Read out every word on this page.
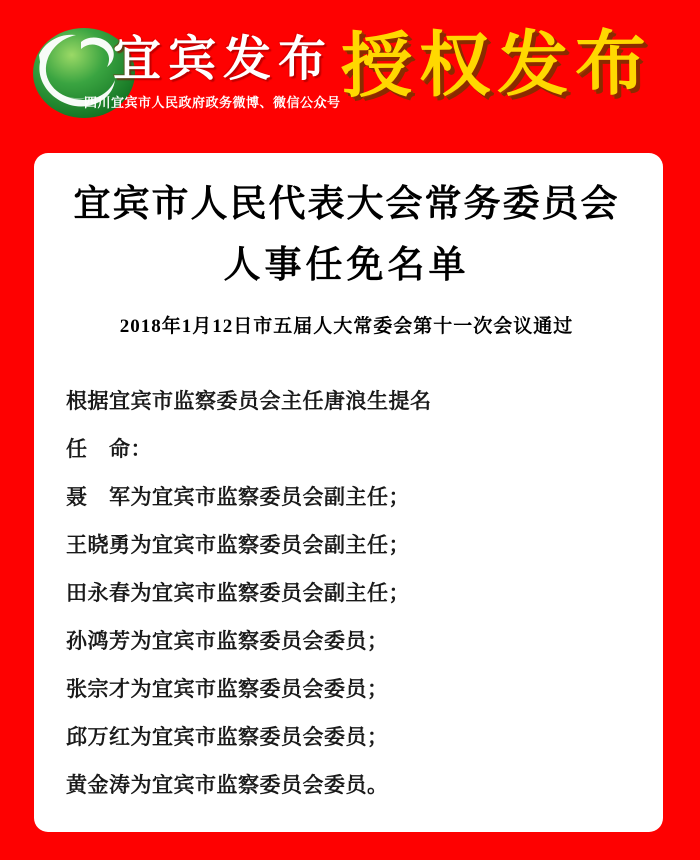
宜宾发布
四川宜宾市人民政府政务微博、微信公众号 授权发布
宜宾市人民代表大会常务委员会
人事任免名单
2018年1月12日市五届人大常委会第十一次会议通过

根据宜宾市监察委员会主任唐浪生提名

任　命：

聂　军为宜宾市监察委员会副主任；

王晓勇为宜宾市监察委员会副主任；

田永春为宜宾市监察委员会副主任；

孙鸿芳为宜宾市监察委员会委员；

张宗才为宜宾市监察委员会委员；

邱万红为宜宾市监察委员会委员；

黄金涛为宜宾市监察委员会委员。
